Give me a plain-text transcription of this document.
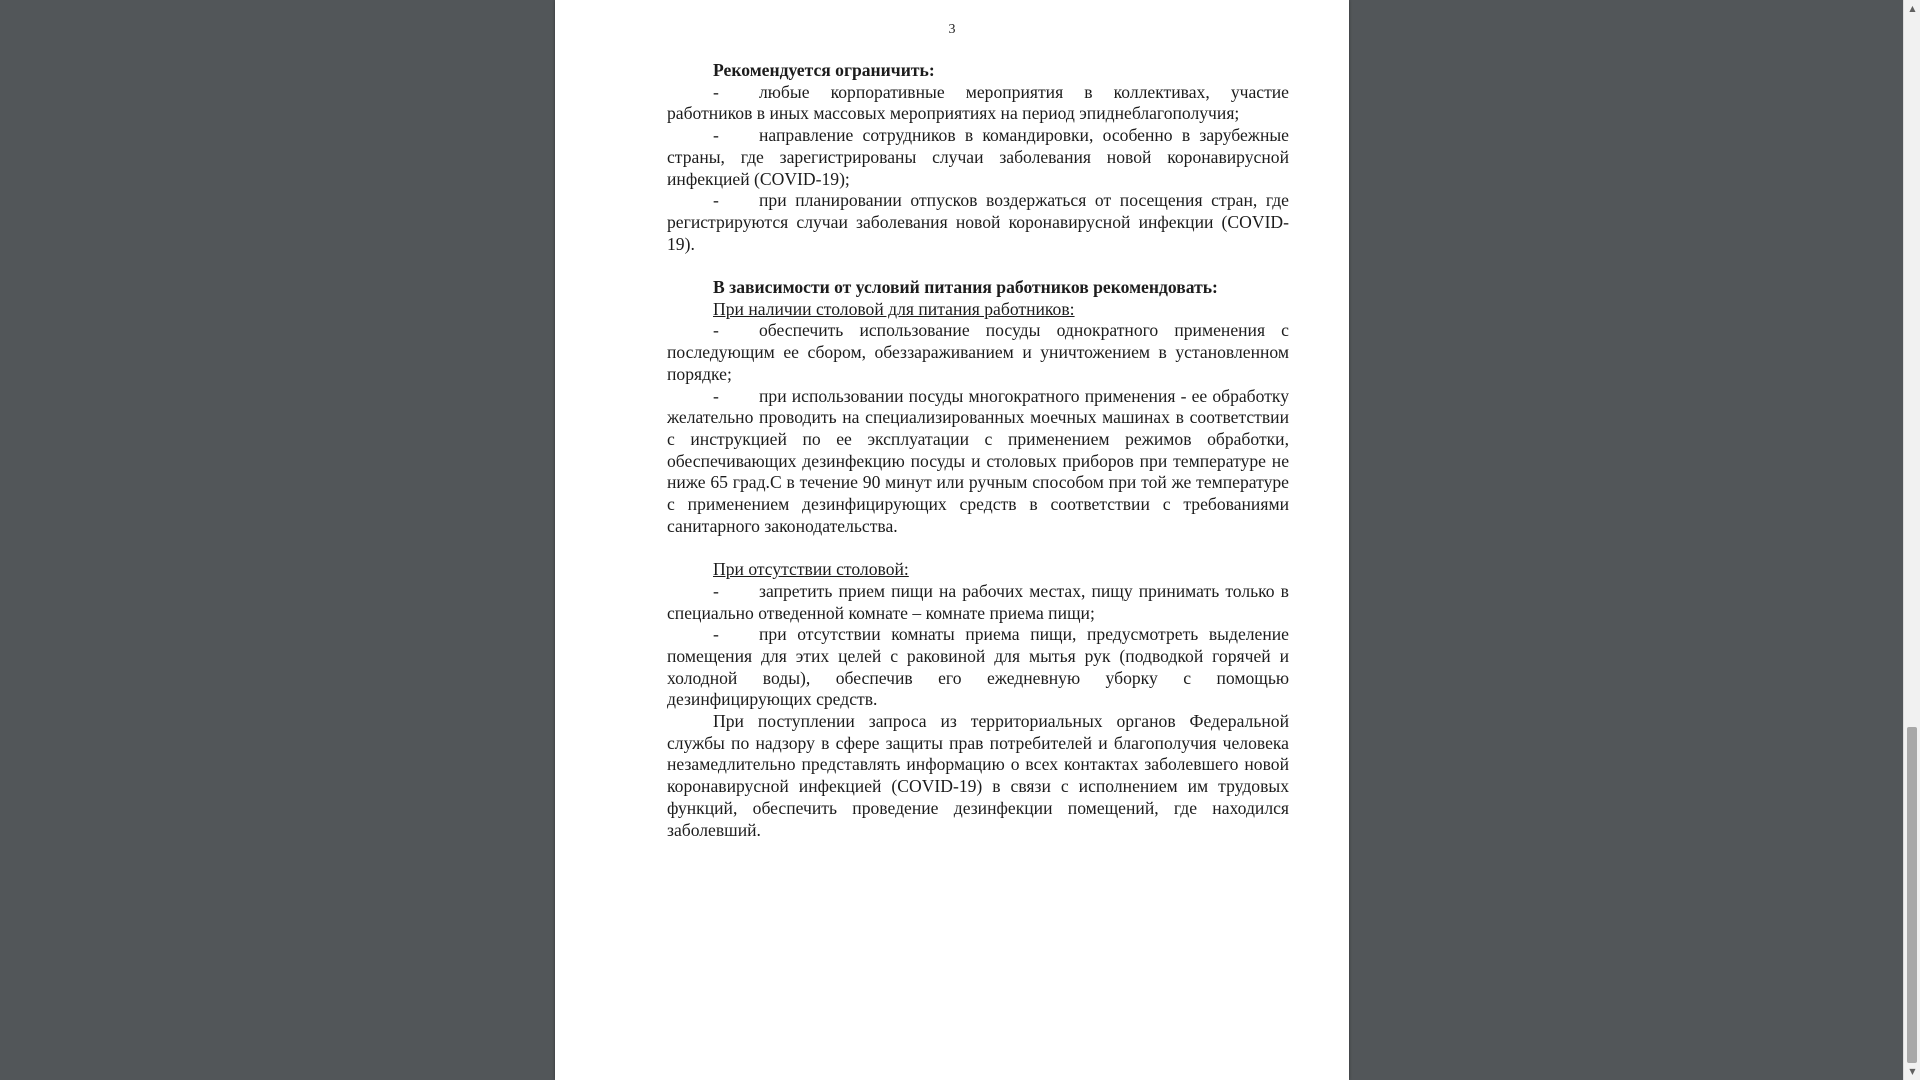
3

Рекомендуется ограничить:

- любые корпоративные мероприятия в коллективах, участие работников в иных массовых мероприятиях на период эпиднеблагополучия;

- направление сотрудников в командировки, особенно в зарубежные страны, где зарегистрированы случаи заболевания новой коронавирусной инфекцией (COVID-19);

- при планировании отпусков воздержаться от посещения стран, где регистрируются случаи заболевания новой коронавирусной инфекции (COVID-19).

В зависимости от условий питания работников рекомендовать:

При наличии столовой для питания работников:

- обеспечить использование посуды однократного применения с последующим ее сбором, обеззараживанием и уничтожением в установленном порядке;

- при использовании посуды многократного применения - ее обработку желательно проводить на специализированных моечных машинах в соответствии с инструкцией по ее эксплуатации с применением режимов обработки, обеспечивающих дезинфекцию посуды и столовых приборов при температуре не ниже 65 град.С в течение 90 минут или ручным способом при той же температуре с применением дезинфицирующих средств в соответствии с требованиями санитарного законодательства.

При отсутствии столовой:

- запретить прием пищи на рабочих местах, пищу принимать только в специально отведенной комнате – комнате приема пищи;

- при отсутствии комнаты приема пищи, предусмотреть выделение помещения для этих целей с раковиной для мытья рук (подводкой горячей и холодной воды), обеспечив его ежедневную уборку с помощью дезинфицирующих средств.

При поступлении запроса из территориальных органов Федеральной службы по надзору в сфере защиты прав потребителей и благополучия человека незамедлительно представлять информацию о всех контактах заболевшего новой коронавирусной инфекцией (COVID-19) в связи с исполнением им трудовых функций, обеспечить проведение дезинфекции помещений, где находился заболевший.

▲
▼
